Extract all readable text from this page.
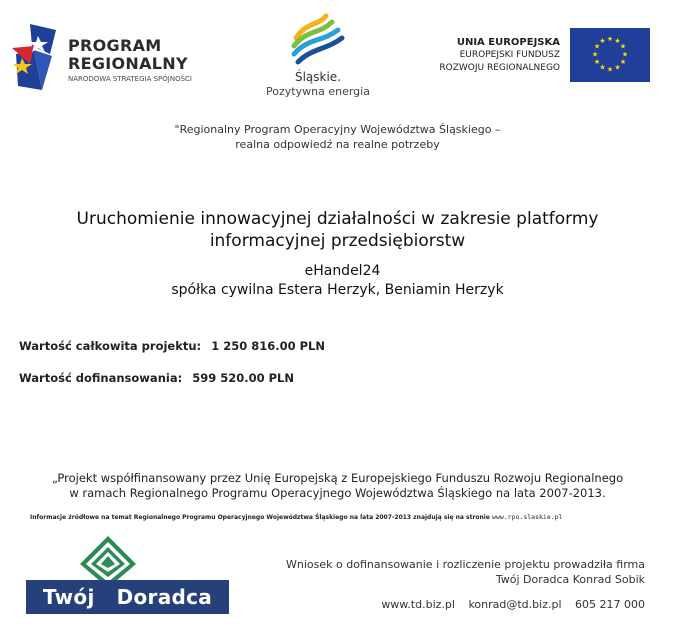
PROGRAM
REGIONALNY
NARODOWA STRATEGIA SPÓJNOŚCI	Śląskie.
Pozytywna energia
UNIA EUROPEJSKA
EUROPEJSKI FUNDUSZ
ROZWOJU REGIONALNEGO
★ ★
★
★
★
★
★
★
★
★
★
★
"Regionalny Program Operacyjny Województwa Śląskiego –
realna odpowiedź na realne potrzeby
Uruchomienie innowacyjnej działalności w zakresie platformy
informacyjnej przedsiębiorstw
eHandel24
spółka cywilna Estera Herzyk, Beniamin Herzyk
Wartość całkowita projektu: 1 250 816.00 PLN
Wartość dofinansowania: 599 520.00 PLN
„Projekt współfinansowany przez Unię Europejską z Europejskiego Funduszu Rozwoju Regionalnego
w ramach Regionalnego Programu Operacyjnego Województwa Śląskiego na lata 2007-2013.
Informacje źródłowe na temat Regionalnego Programu Operacyjnego Województwa Śląskiego na lata 2007-2013 znajdują się na stronie www.rpo.slaskie.pl
Twój Doradca
Wniosek o dofinansowanie i rozliczenie projektu prowadziła firma
Twój Doradca Konrad Sobik
www.td.biz.pl konrad@td.biz.pl 605 217 000
